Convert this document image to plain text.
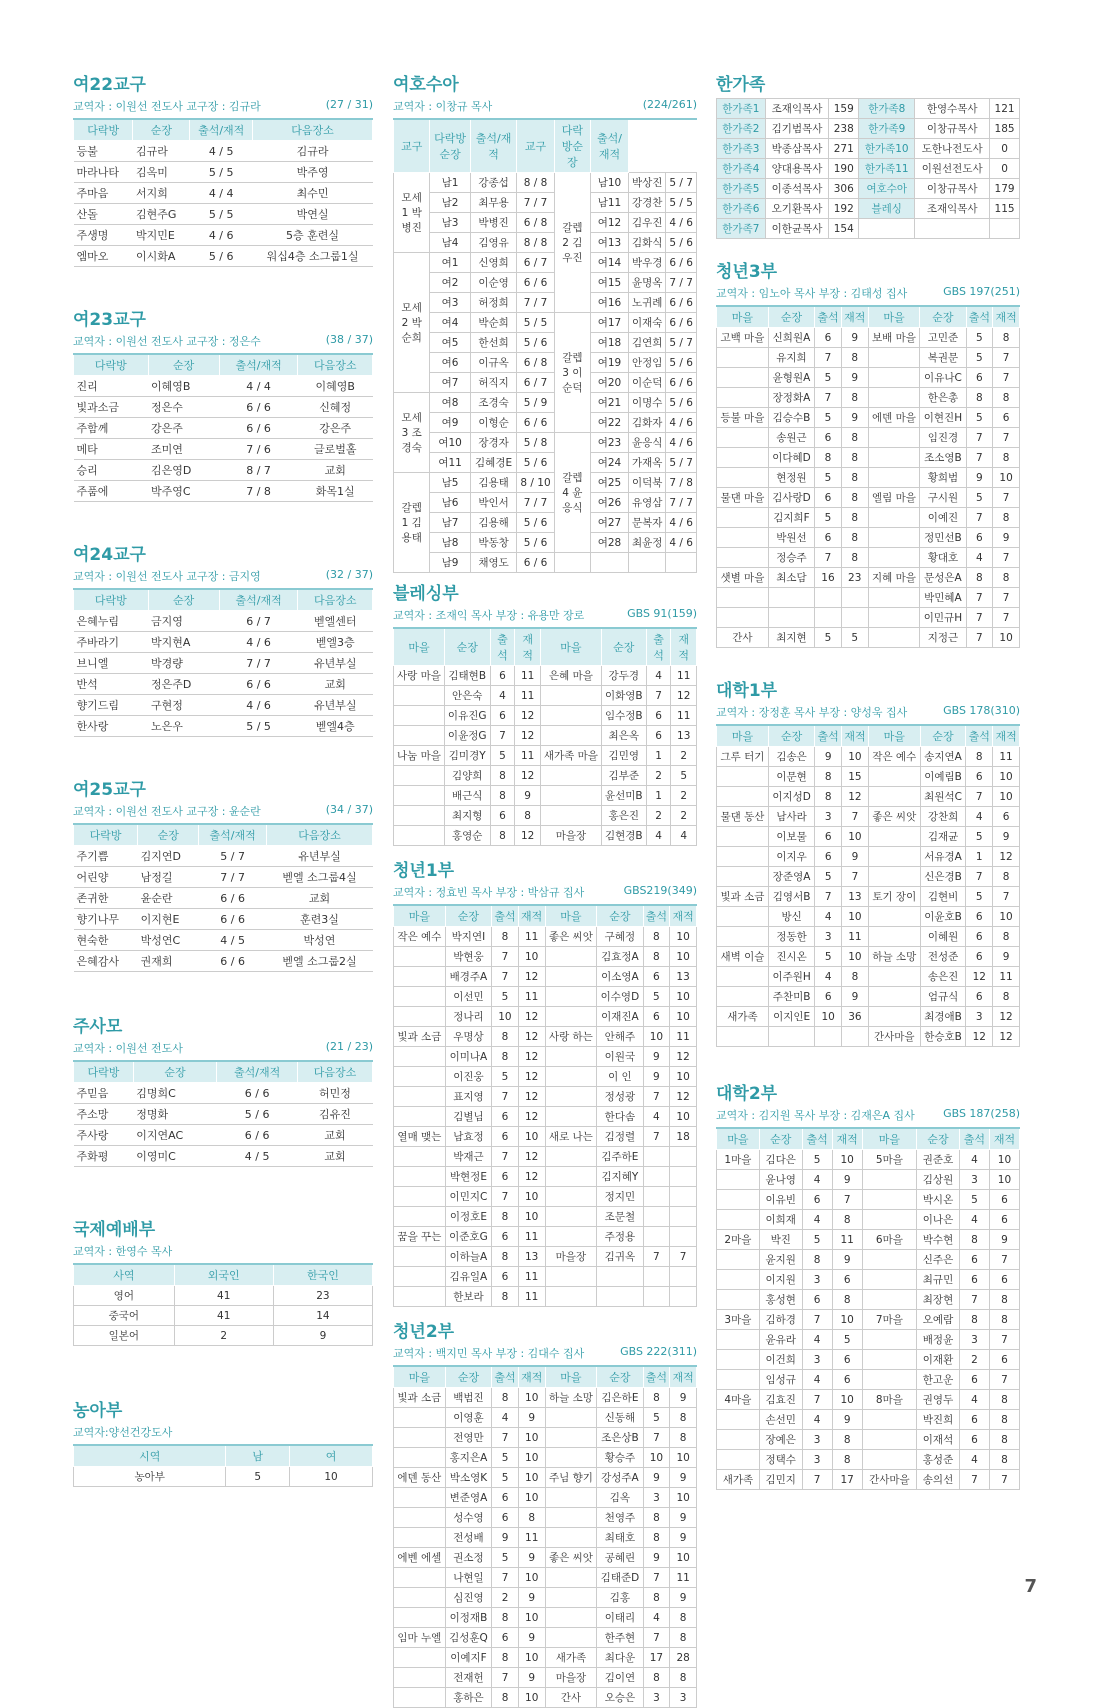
여22교구
교역자 : 이원선 전도사 교구장 : 김규라	(27 / 31)
다락방	순장	출석/재적	다음장소
등불	김규라	4 / 5	김규라
마라나타	김옥미	5 / 5	박주영
주마음	서지희	4 / 4	최수민
산돌	김현주G	5 / 5	박연실
주생명	박지민E	4 / 6	5층 훈련실
엠마오	이시화A	5 / 6	워십4층 소그룹1실
여23교구
교역자 : 이원선 전도사 교구장 : 정은수	(38 / 37)
다락방	순장	출석/재적	다음장소
진리	이혜영B	4 / 4	이혜영B
빛과소금	정은수	6 / 6	신혜정
주함께	강은주	6 / 6	강은주
메타	조미연	7 / 6	글로벌홀
승리	김은영D	8 / 7	교회
주품에	박주영C	7 / 8	화목1실
여24교구
교역자 : 이원선 전도사 교구장 : 금지영	(32 / 37)
다락방	순장	출석/재적	다음장소
은혜누림	금지영	6 / 7	벧엘센터
주바라기	박지현A	4 / 6	벧엘3층
브니엘	박경량	7 / 7	유년부실
반석	정은주D	6 / 6	교회
향기드림	구현정	4 / 6	유년부실
한사랑	노은우	5 / 5	벧엘4층
여25교구
교역자 : 이원선 전도사 교구장 : 윤순란	(34 / 37)
다락방	순장	출석/재적	다음장소
주기쁨	김지연D	5 / 7	유년부실
어린양	남정길	7 / 7	벧엘 소그룹4실
존귀한	윤순란	6 / 6	교회
향기나무	이지현E	6 / 6	훈련3실
현숙한	박성연C	4 / 5	박성연
은혜감사	권재희	6 / 6	벧엘 소그룹2실
주사모
교역자 : 이원선 전도사	(21 / 23)
다락방	순장	출석/재적	다음장소
주믿음	김명희C	6 / 6	허민정
주소망	정명화	5 / 6	김유진
주사랑	이지연AC	6 / 6	교회
주화평	이영미C	4 / 5	교회
국제예배부
교역자 : 한영수 목사
사역	외국인	한국인
영어	41	23
중국어	41	14
일본어	2	9
농아부
교역자:양선건강도사
시역	남	여
농아부	5	10
여호수아
교역자 : 이창규 목사	(224/261)
교구	다락방순장	출석/재적	교구	다락방순장	출석/재적		
모세 1 박병진	남1	강종섭	8 / 8	갈렙 2 김우진	남10	박상진	5 / 7
	남2	최무용	7 / 7		남11	강경찬	5 / 5
	남3	박병진	6 / 8		여12	김우진	4 / 6
	남4	김영유	8 / 8		여13	김화식	5 / 6
모세 2 박순희	여1	신영희	6 / 7		여14	박우경	6 / 6
	여2	이순영	6 / 6		여15	윤명옥	7 / 7
	여3	허정희	7 / 7		여16	노귀례	6 / 6
	여4	박순희	5 / 5	갈렙 3 이순덕	여17	이재숙	6 / 6
	여5	한선희	5 / 6		여18	김연희	5 / 7
	여6	이규옥	6 / 8		여19	안정임	5 / 6
	여7	허직지	6 / 7		여20	이순덕	6 / 6
모세 3 조경숙	여8	조경숙	5 / 9		여21	이명수	5 / 6
	여9	이형순	6 / 6		여22	김화자	4 / 6
	여10	장경자	5 / 8	갈렙 4 윤응식	여23	윤응식	4 / 6
	여11	김혜경E	5 / 6		여24	가재옥	5 / 7
갈렙 1 김용태	남5	김용태	8 / 10		여25	이덕북	7 / 8
	남6	박인서	7 / 7		여26	유영삼	7 / 7
	남7	김용해	5 / 6		여27	문복자	4 / 6
	남8	박동창	5 / 6		여28	최윤정	4 / 6
	남9	채영도	6 / 6				
블레싱부
교역자 : 조재익 목사 부장 : 유용만 장로	GBS 91(159)
마을	순장	출석	재적	마을	순장	출석	재적
사랑 마을	김태현B	6	11	은혜 마을	강두경	4	11
	안은숙	4	11		이화영B	7	12
	이유진G	6	12		임수정B	6	11
	이윤정G	7	12		최은옥	6	13
나눔 마을	김미경Y	5	11	새가족 마을	김민영	1	2
	김양희	8	12		김부준	2	5
	배근식	8	9		윤선미B	1	2
	최지형	6	8		홍은진	2	2
	홍영순	8	12	마을장	김현경B	4	4
청년1부
교역자 : 정효빈 목사 부장 : 박삼규 집사	GBS219(349)
마을	순장	출석	재적	마을	순장	출석	재적
작은 예수	박지연I	8	11	좋은 씨앗	구혜정	8	10
	박현웅	7	10		김효정A	8	10
	배경주A	7	12		이소영A	6	13
	이선민	5	11		이수영D	5	10
	정나리	10	12		이재진A	6	10
빛과 소금	우명상	8	12	사랑 하는	안해주	10	11
	이미나A	8	12		이원국	9	12
	이진웅	5	12		이 인	9	10
	표지영	7	12		정성광	7	12
	김별님	6	12		한다솜	4	10
열매 맺는	남효정	6	10	새로 나는	김정렬	7	18
	박재근	7	12		김주하E		
	박현정E	6	12		김지혜Y		
	이민지C	7	10		정지민		
	이정호E	8	10		조문철		
꿈을 꾸는	이준호G	6	11		주정용		
	이하늘A	8	13	마을장	김귀옥	7	7
	김유일A	6	11				
	한보라	8	11				
청년2부
교역자 : 백지민 목사 부장 : 김대수 집사	GBS 222(311)
마을	순장	출석	재적	마을	순장	출석	재적
빛과 소금	백범진	8	10	하늘 소망	김은하E	8	9
	이영훈	4	9		신동해	5	8
	전영만	7	10		조은상B	7	8
	홍지은A	5	10		황승주	10	10
에덴 동산	박소영K	5	10	주님 향기	강성주A	9	9
	변준영A	6	10		김옥	3	10
	성수영	6	8		천영주	8	9
	전성배	9	11		최태호	8	9
에벤 에셀	권소정	5	9	좋은 씨앗	공혜린	9	10
	나현일	7	10		김태준D	7	11
	심진영	2	9		김홍	8	9
	이정재B	8	10		이태리	4	8
임마 누엘	김성훈Q	6	9		한주현	7	8
	이예지F	8	10	새가족	최다운	17	28
	전재헌	7	9	마을장	김이연	8	8
	홍하은	8	10	간사	오승은	3	3
한가족
한가족1	조재익목사	159	한가족8	한영수목사	121
한가족2	김기범목사	238	한가족9	이창규목사	185
한가족3	박종삼목사	271	한가족10	도한나전도사	0
한가족4	양대용목사	190	한가족11	이원선전도사	0
한가족5	이종석목사	306	여호수아	이창규목사	179
한가족6	오기환목사	192	블레싱	조재익목사	115
한가족7	이한균목사	154			
청년3부
교역자 : 임노아 목사 부장 : 김태성 집사	GBS 197(251)
마을	순장	출석	재적	마을	순장	출석	재적
고백 마을	신희원A	6	9	보배 마을	고민준	5	8
	유지희	7	8		복권문	5	7
	윤형원A	5	9		이유나C	6	7
	장정화A	7	8		한은총	8	8
등불 마을	김승수B	5	9	에덴 마을	이현진H	5	6
	송원근	6	8		임진경	7	7
	이다혜D	8	8		조소영B	7	8
	현정원	5	8		황희범	9	10
물댄 마을	김사랑D	6	8	엘림 마을	구시원	5	7
	김지희F	5	8		이예진	7	8
	박원선	6	8		정민선B	6	9
	정승주	7	8		황대호	4	7
샛별 마을	최소담	16	23	지혜 마을	문성은A	8	8
					박민혜A	7	7
					이민규H	7	7
간사	최지현	5	5		지정근	7	10
대학1부
교역자 : 장정훈 목사 부장 : 양성욱 집사	GBS 178(310)
마을	순장	출석	재적	마을	순장	출석	재적
그루 터기	김송은	9	10	작은 예수	송지연A	8	11
	이문현	8	15		이예림B	6	10
	이지성D	8	12		최원석C	7	10
물댄 동산	남사라	3	7	좋은 씨앗	강찬희	4	6
	이보물	6	10		김재균	5	9
	이지우	6	9		서유경A	1	12
	장준영A	5	7		신은경B	7	8
빛과 소금	김영서B	7	13	토기 장이	김현비	5	7
	방신	4	10		이윤호B	6	10
	정동한	3	11		이혜원	6	8
새벽 이슬	진시온	5	10	하늘 소망	전성준	6	9
	이주원H	4	8		송은진	12	11
	주찬미B	6	9		엄규식	6	8
새가족	이지인E	10	36		최경애B	3	12
				간사마을	한승호B	12	12
대학2부
교역자 : 김지원 목사 부장 : 김재은A 집사	GBS 187(258)
마을	순장	출석	재적	마을	순장	출석	재적
1마을	김다은	5	10	5마을	권준호	4	10
	윤나영	4	9		김상원	3	10
	이유빈	6	7		박시온	5	6
	이희재	4	8		이나은	4	6
2마을	박진	5	11	6마을	박수현	8	9
	윤지원	8	9		신주은	6	7
	이지원	3	6		최규민	6	6
	홍성현	6	8		최장현	7	8
3마을	김하경	7	10	7마을	오예람	8	8
	윤유라	4	5		배정윤	3	7
	이건희	3	6		이재환	2	6
	임성규	4	6		한고운	6	7
4마을	김효진	7	10	8마을	권영두	4	8
	손선민	4	9		박진희	6	8
	장예은	3	8		이재석	6	8
	정택수	3	8		홍성준	4	8
새가족	김민지	7	17	간사마을	송의선	7	7
7
